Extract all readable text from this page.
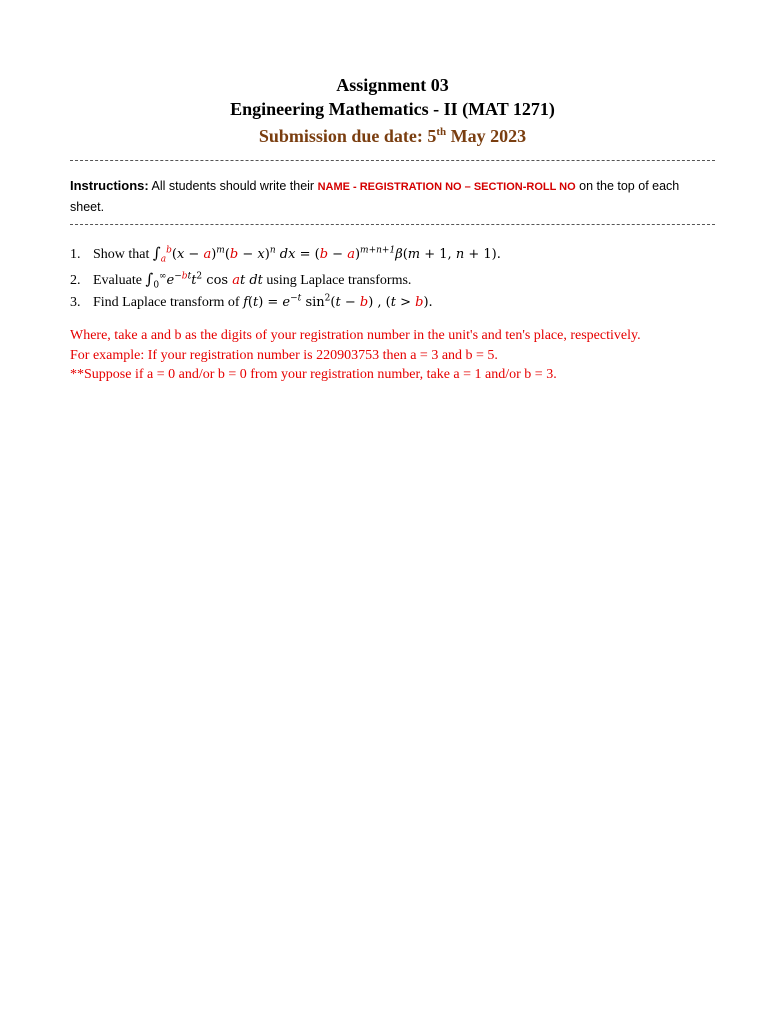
Assignment 03
Engineering Mathematics - II (MAT 1271)
Submission due date: 5th May 2023
Instructions: All students should write their NAME - REGISTRATION NO – SECTION-ROLL NO on the top of each sheet.
1. Show that $\int_a^b(x - a)^m(b - x)^n$ dx = $(b - a)^{m+n+1}\beta(m + 1$, n + 1).
2. Evaluate $\int_0^\infty e^{-bt}t^2$ cos at dt using Laplace transforms.
3. Find Laplace transform of $f(t) = e^{-t}$ $\sin^2(t - b)$ , (t > b).
Where, take a and b as the digits of your registration number in the unit's and ten's place, respectively.
For example: If your registration number is 220903753 then a = 3 and b = 5.
**Suppose if a = 0 and/or b = 0 from your registration number, take a = 1 and/or b = 3.
